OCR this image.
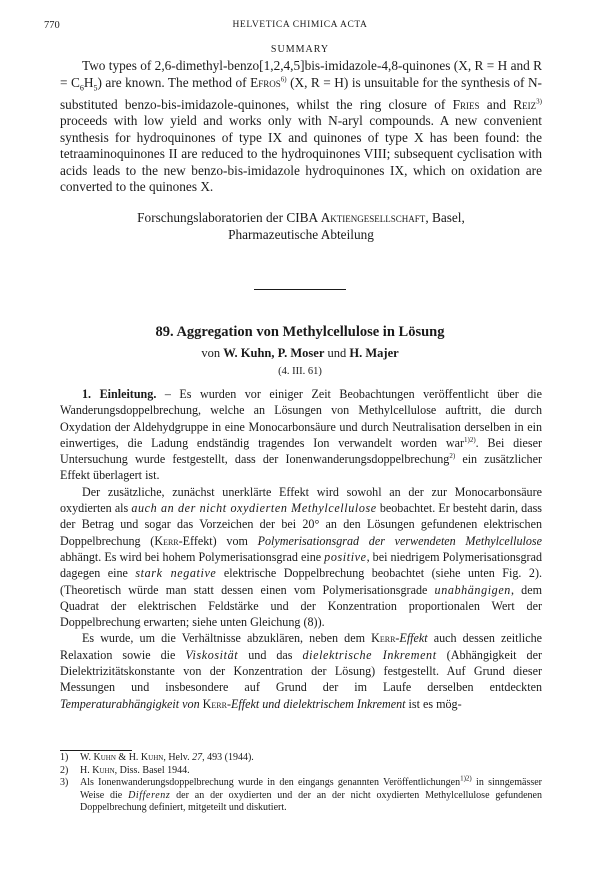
770	HELVETICA CHIMICA ACTA
SUMMARY

Two types of 2,6-dimethyl-benzo[1,2,4,5]bis-imidazole-4,8-quinones (X, R = H and $R = C_6H_5$) are known. The method of Efros$^{6)}$ (X, R = H) is unsuitable for the synthesis of N-substituted benzo-bis-imidazole-quinones, whilst the ring closure of Fries and Reiz$^{3)}$ proceeds with low yield and works only with N-aryl compounds. A new convenient synthesis for hydroquinones of type IX and quinones of type X has been found: the tetraaminoquinones II are reduced to the hydroquinones VIII; subsequent cyclisation with acids leads to the new benzo-bis-imidazole hydroquinones IX, which on oxidation are converted to the quinones X.

Forschungslaboratorien der CIBA Aktiengesellschaft, Basel,
Pharmazeutische Abteilung
89. Aggregation von Methylcellulose in Lösung
von W. Kuhn, P. Moser und H. Majer
(4. III. 61)

1. Einleitung. – Es wurden vor einiger Zeit Beobachtungen veröffentlicht über die Wanderungsdoppelbrechung, welche an Lösungen von Methylcellulose auftritt, die durch Oxydation der Aldehydgruppe in eine Monocarbonsäure und durch Neutralisation derselben in ein einwertiges, die Ladung endständig tragendes Ion verwandelt worden war$^{1)2)}$. Bei dieser Untersuchung wurde festgestellt, dass der Ionenwanderungsdoppelbrechung$^{2)}$ ein zusätzlicher Effekt überlagert ist.

Der zusätzliche, zunächst unerklärte Effekt wird sowohl an der zur Monocarbonsäure oxydierten als auch an der nicht oxydierten Methylcellulose beobachtet. Er besteht darin, dass der Betrag und sogar das Vorzeichen der bei 20° an den Lösungen gefundenen elektrischen Doppelbrechung (Kerr-Effekt) vom Polymerisationsgrad der verwendeten Methylcellulose abhängt. Es wird bei hohem Polymerisationsgrad eine positive, bei niedrigem Polymerisationsgrad dagegen eine stark negative elektrische Doppelbrechung beobachtet (siehe unten Fig. 2). (Theoretisch würde man statt dessen einen vom Polymerisationsgrade unabhängigen, dem Quadrat der elektrischen Feldstärke und der Konzentration proportionalen Wert der Doppelbrechung erwarten; siehe unten Gleichung (8)).

Es wurde, um die Verhältnisse abzuklären, neben dem Kerr-Effekt auch dessen zeitliche Relaxation sowie die Viskosität und das dielektrische Inkrement (Abhängigkeit der Dielektrizitätskonstante von der Konzentration der Lösung) festgestellt. Auf Grund dieser Messungen und insbesondere auf Grund der im Laufe derselben entdeckten Temperaturabhängigkeit von Kerr-Effekt und dielektrischem Inkrement ist es mög-

1)	W. Kuhn & H. Kuhn, Helv. 27, 493 (1944).
2)	H. Kuhn, Diss. Basel 1944.
3)	Als Ionenwanderungsdoppelbrechung wurde in den eingangs genannten Veröffentlichungen$^{1)2)}$ in sinngemässer Weise die Differenz der an der oxydierten und der an der nicht oxydierten Methylcellulose gefundenen Doppelbrechung definiert, mitgeteilt und diskutiert.
